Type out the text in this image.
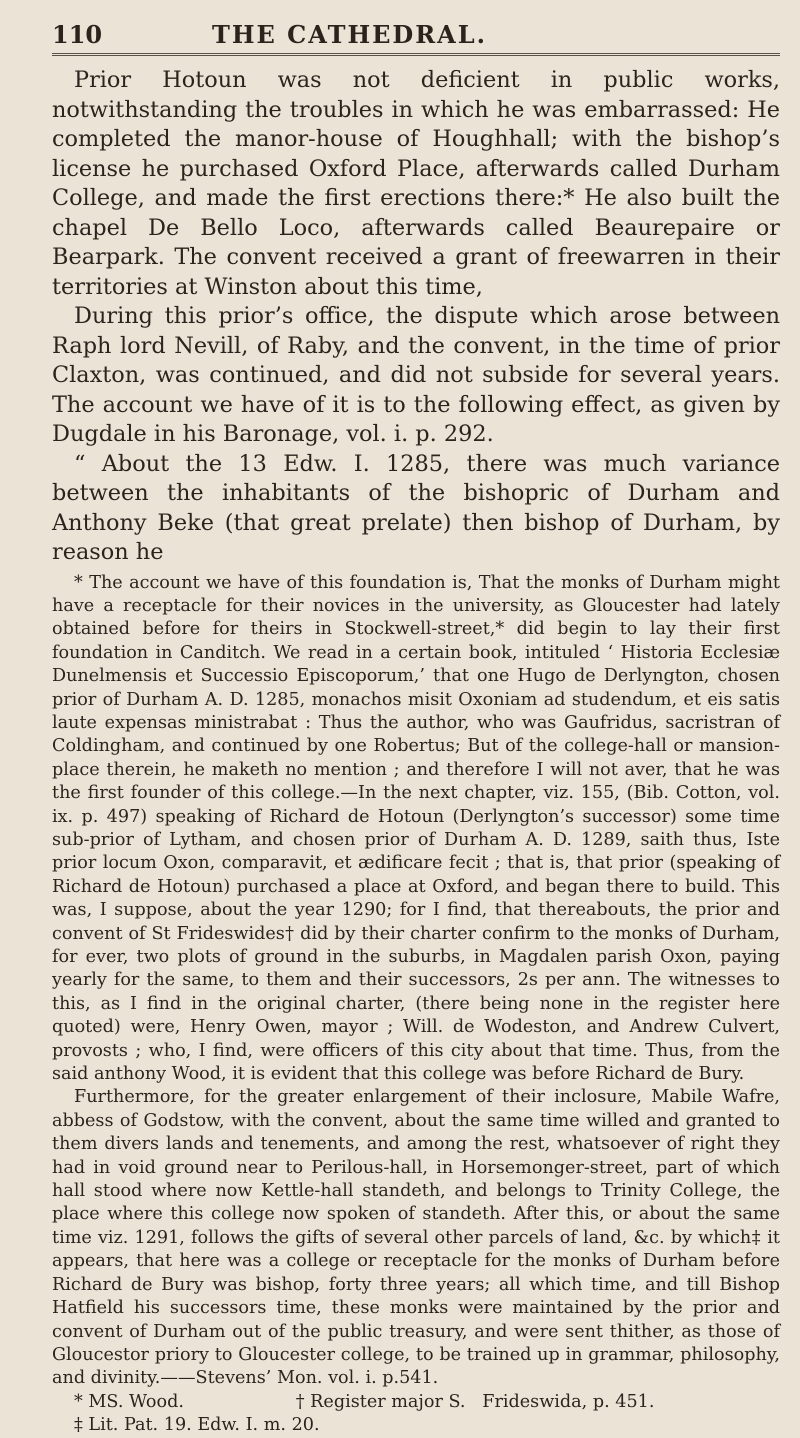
110	THE CATHEDRAL.

Prior Hotoun was not deficient in public works, notwithstanding the troubles in which he was embarrassed: He completed the manor-house of Houghhall; with the bishop’s license he purchased Oxford Place, afterwards called Durham College, and made the first erections there:* He also built the chapel De Bello Loco, afterwards called Beaurepaire or Bearpark. The convent received a grant of freewarren in their territories at Winston about this time,

During this prior’s office, the dispute which arose between Raph lord Nevill, of Raby, and the convent, in the time of prior Claxton, was continued, and did not subside for several years. The account we have of it is to the following effect, as given by Dugdale in his Baronage, vol. i. p. 292.

“ About the 13 Edw. I. 1285, there was much variance between the inhabitants of the bishopric of Durham and Anthony Beke (that great prelate) then bishop of Durham, by reason he

* The account we have of this foundation is, That the monks of Durham might have a receptacle for their novices in the university, as Gloucester had lately obtained before for theirs in Stockwell-street,* did begin to lay their first foundation in Canditch. We read in a certain book, intituled ‘ Historia Ecclesiæ Dunelmensis et Successio Episcoporum,’ that one Hugo de Derlyngton, chosen prior of Durham A. D. 1285, monachos misit Oxoniam ad studendum, et eis satis laute expensas ministrabat : Thus the author, who was Gaufridus, sacristran of Coldingham, and continued by one Robertus; But of the college-hall or mansion-place therein, he maketh no mention ; and therefore I will not aver, that he was the first founder of this college.—In the next chapter, viz. 155, (Bib. Cotton, vol. ix. p. 497) speaking of Richard de Hotoun (Derlyngton’s successor) some time sub-prior of Lytham, and chosen prior of Durham A. D. 1289, saith thus, Iste prior locum Oxon, comparavit, et ædificare fecit ; that is, that prior (speaking of Richard de Hotoun) purchased a place at Oxford, and began there to build. This was, I suppose, about the year 1290; for I find, that thereabouts, the prior and convent of St Frideswides† did by their charter confirm to the monks of Durham, for ever, two plots of ground in the suburbs, in Magdalen parish Oxon, paying yearly for the same, to them and their successors, 2s per ann. The witnesses to this, as I find in the original charter, (there being none in the register here quoted) were, Henry Owen, mayor ; Will. de Wodeston, and Andrew Culvert, provosts ; who, I find, were officers of this city about that time. Thus, from the said anthony Wood, it is evident that this college was before Richard de Bury.

Furthermore, for the greater enlargement of their inclosure, Mabile Wafre, abbess of Godstow, with the convent, about the same time willed and granted to them divers lands and tenements, and among the rest, whatsoever of right they had in void ground near to Perilous-hall, in Horsemonger-street, part of which hall stood where now Kettle-hall standeth, and belongs to Trinity College, the place where this college now spoken of standeth. After this, or about the same time viz. 1291, follows the gifts of several other parcels of land, &c. by which‡ it appears, that here was a college or receptacle for the monks of Durham before Richard de Bury was bishop, forty three years; all which time, and till Bishop Hatfield his successors time, these monks were maintained by the prior and convent of Durham out of the public treasury, and were sent thither, as those of Gloucestor priory to Gloucester college, to be trained up in grammar, philosophy, and divinity.——Stevens’ Mon. vol. i. p.541.

* MS. Wood.                    † Register major S.   Frideswida, p. 451.

‡ Lit. Pat. 19. Edw. I. m. 20.
